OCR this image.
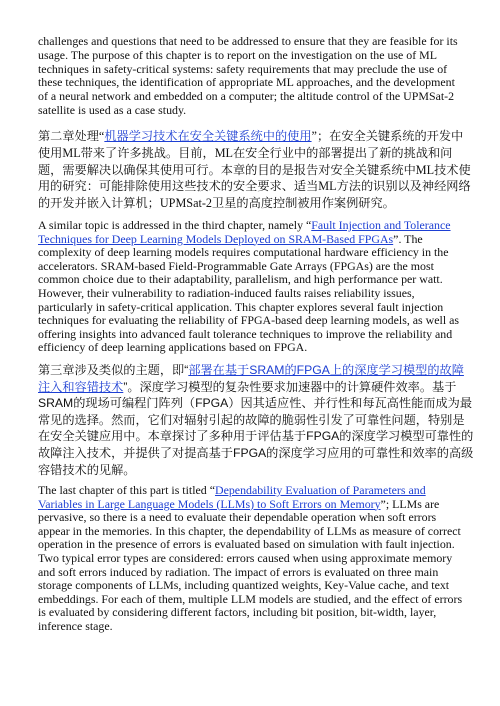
challenges and questions that need to be addressed to ensure that they are feasible for its
usage. The purpose of this chapter is to report on the investigation on the use of ML
techniques in safety-critical systems: safety requirements that may preclude the use of
these techniques, the identification of appropriate ML approaches, and the development
of a neural network and embedded on a computer; the altitude control of the UPMSat-2
satellite is used as a case study.
第二章处理“机器学习技术在安全关键系统中的使用”；在安全关键系统的开发中
使用ML带来了许多挑战。目前，ML在安全行业中的部署提出了新的挑战和问
题，需要解决以确保其使用可行。本章的目的是报告对安全关键系统中ML技术使
用的研究：可能排除使用这些技术的安全要求、适当ML方法的识别以及神经网络
的开发并嵌入计算机；UPMSat-2卫星的高度控制被用作案例研究。
A similar topic is addressed in the third chapter, namely “Fault Injection and Tolerance
Techniques for Deep Learning Models Deployed on SRAM-Based FPGAs”. The
complexity of deep learning models requires computational hardware efficiency in the
accelerators. SRAM-based Field-Programmable Gate Arrays (FPGAs) are the most
common choice due to their adaptability, parallelism, and high performance per watt.
However, their vulnerability to radiation-induced faults raises reliability issues,
particularly in safety-critical application. This chapter explores several fault injection
techniques for evaluating the reliability of FPGA-based deep learning models, as well as
offering insights into advanced fault tolerance techniques to improve the reliability and
efficiency of deep learning applications based on FPGA.
第三章涉及类似的主题，即“部署在基于SRAM的FPGA上的深度学习模型的故障
注入和容错技术”。深度学习模型的复杂性要求加速器中的计算硬件效率。基于
SRAM的现场可编程门阵列（FPGA）因其适应性、并行性和每瓦高性能而成为最
常见的选择。然而，它们对辐射引起的故障的脆弱性引发了可靠性问题，特别是
在安全关键应用中。本章探讨了多种用于评估基于FPGA的深度学习模型可靠性的
故障注入技术，并提供了对提高基于FPGA的深度学习应用的可靠性和效率的高级
容错技术的见解。
The last chapter of this part is titled “Dependability Evaluation of Parameters and
Variables in Large Language Models (LLMs) to Soft Errors on Memory”; LLMs are
pervasive, so there is a need to evaluate their dependable operation when soft errors
appear in the memories. In this chapter, the dependability of LLMs as measure of correct
operation in the presence of errors is evaluated based on simulation with fault injection.
Two typical error types are considered: errors caused when using approximate memory
and soft errors induced by radiation. The impact of errors is evaluated on three main
storage components of LLMs, including quantized weights, Key-Value cache, and text
embeddings. For each of them, multiple LLM models are studied, and the effect of errors
is evaluated by considering different factors, including bit position, bit-width, layer,
inference stage.
